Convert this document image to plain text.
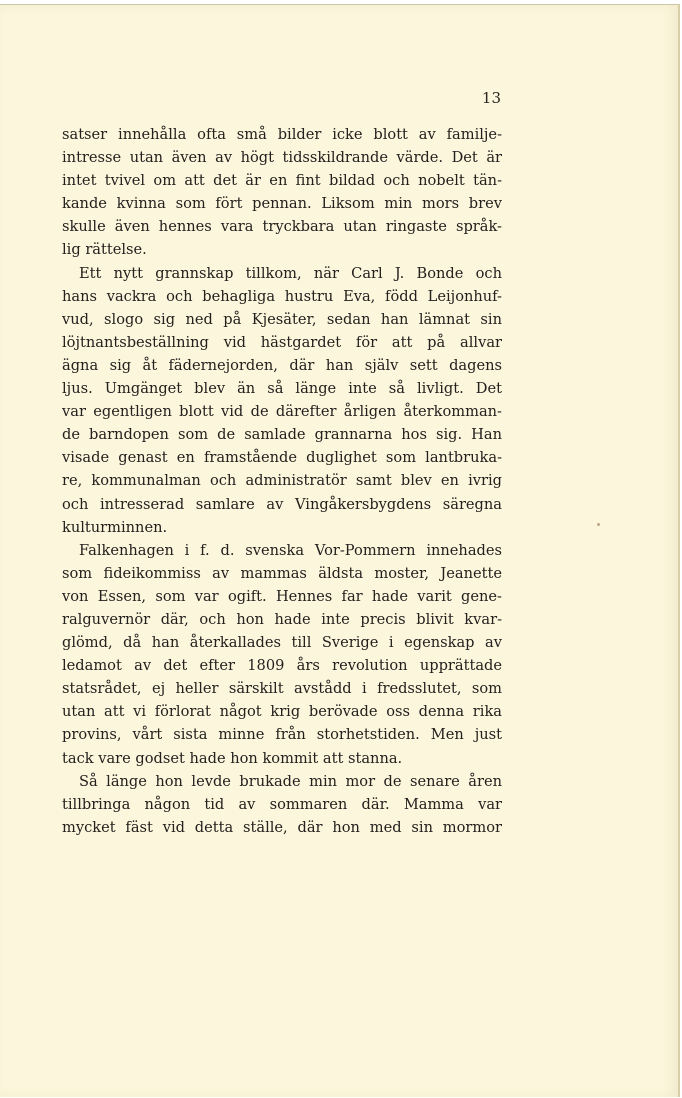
13
satser innehålla ofta små bilder icke blott av familje-
intresse utan även av högt tidsskildrande värde. Det är
intet tvivel om att det är en fint bildad och nobelt tän-
kande kvinna som fört pennan. Liksom min mors brev
skulle även hennes vara tryckbara utan ringaste språk-
lig rättelse.
Ett nytt grannskap tillkom, när Carl J. Bonde och
hans vackra och behagliga hustru Eva, född Leijonhuf-
vud, slogo sig ned på Kjesäter, sedan han lämnat sin
löjtnantsbeställning vid hästgardet för att på allvar
ägna sig åt fädernejorden, där han själv sett dagens
ljus. Umgänget blev än så länge inte så livligt. Det
var egentligen blott vid de därefter årligen återkomman-
de barndopen som de samlade grannarna hos sig. Han
visade genast en framstående duglighet som lantbruka-
re, kommunalman och administratör samt blev en ivrig
och intresserad samlare av Vingåkersbygdens säregna
kulturminnen.
Falkenhagen i f. d. svenska Vor-Pommern innehades
som fideikommiss av mammas äldsta moster, Jeanette
von Essen, som var ogift. Hennes far hade varit gene-
ralguvernör där, och hon hade inte precis blivit kvar-
glömd, då han återkallades till Sverige i egenskap av
ledamot av det efter 1809 års revolution upprättade
statsrådet, ej heller särskilt avstådd i fredsslutet, som
utan att vi förlorat något krig berövade oss denna rika
provins, vårt sista minne från storhetstiden. Men just
tack vare godset hade hon kommit att stanna.
Så länge hon levde brukade min mor de senare åren
tillbringa någon tid av sommaren där. Mamma var
mycket fäst vid detta ställe, där hon med sin mormor
